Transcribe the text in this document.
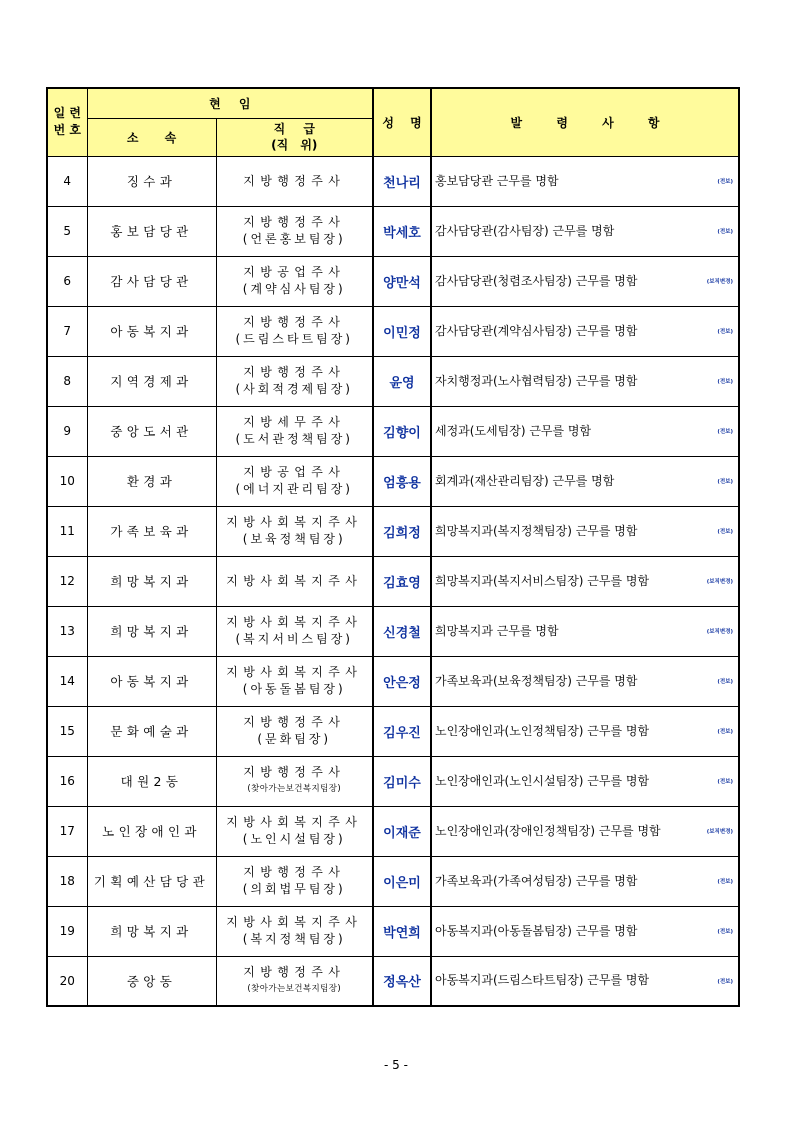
일 련
번 호	현 임		성 명	발 령 사 항
	소 속	직 급
(직 위)		
4	징수과	지방행정주사	천나리	홍보담당관 근무를 명함 (전보)

5	홍보담당관	지방행정주사
(언론홍보팀장)	박세호	감사담당관(감사팀장) 근무를 명함 (전보)

6	감사담당관	지방공업주사
(계약심사팀장)	양만석	감사담당관(청렴조사팀장) 근무를 명함 (보직변경)

7	아동복지과	지방행정주사
(드림스타트팀장)	이민정	감사담당관(계약심사팀장) 근무를 명함 (전보)

8	지역경제과	지방행정주사
(사회적경제팀장)	윤영	자치행정과(노사협력팀장) 근무를 명함 (전보)

9	중앙도서관	지방세무주사
(도서관정책팀장)	김향이	세정과(도세팀장) 근무를 명함 (전보)

10	환경과	지방공업주사
(에너지관리팀장)	엄흥용	회계과(재산관리팀장) 근무를 명함 (전보)

11	가족보육과	지방사회복지주사
(보육정책팀장)	김희정	희망복지과(복지정책팀장) 근무를 명함 (전보)

12	희망복지과	지방사회복지주사	김효영	희망복지과(복지서비스팀장) 근무를 명함 (보직변경)

13	희망복지과	지방사회복지주사
(복지서비스팀장)	신경철	희망복지과 근무를 명함 (보직변경)

14	아동복지과	지방사회복지주사
(아동돌봄팀장)	안은정	가족보육과(보육정책팀장) 근무를 명함 (전보)

15	문화예술과	지방행정주사
(문화팀장)	김우진	노인장애인과(노인정책팀장) 근무를 명함 (전보)

16	대원2동	지방행정주사
(찾아가는보건복지팀장)	김미수	노인장애인과(노인시설팀장) 근무를 명함 (전보)

17	노인장애인과	지방사회복지주사
(노인시설팀장)	이재준	노인장애인과(장애인정책팀장) 근무를 명함 (보직변경)

18	기획예산담당관	지방행정주사
(의회법무팀장)	이은미	가족보육과(가족여성팀장) 근무를 명함 (전보)

19	희망복지과	지방사회복지주사
(복지정책팀장)	박연희	아동복지과(아동돌봄팀장) 근무를 명함 (전보)

20	중앙동	지방행정주사
(찾아가는보건복지팀장)	정옥산	아동복지과(드림스타트팀장) 근무를 명함 (전보)
- 5 -
